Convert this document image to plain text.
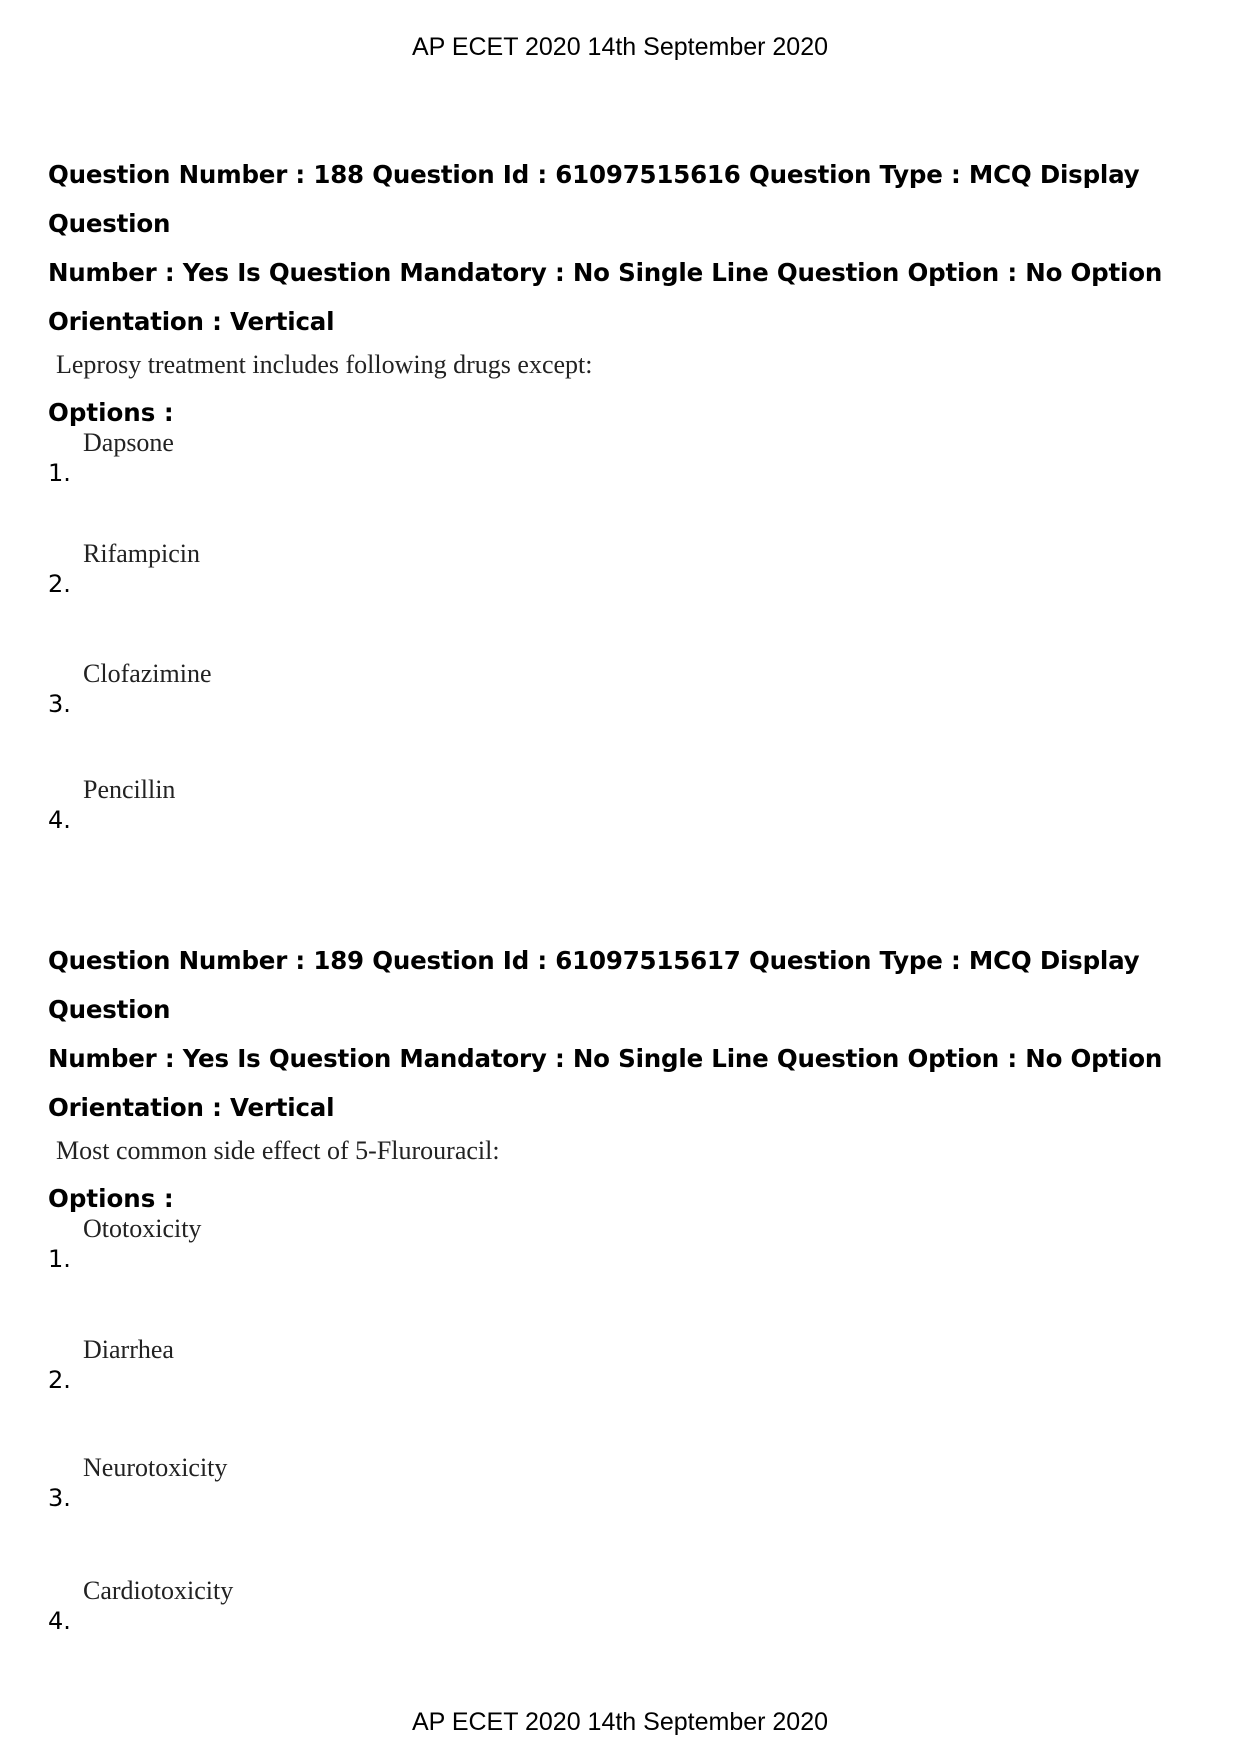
AP ECET 2020 14th September 2020

Question Number : 188 Question Id : 61097515616 Question Type : MCQ Display Question

Number : Yes Is Question Mandatory : No Single Line Question Option : No Option

Orientation : Vertical

Leprosy treatment includes following drugs except:
Options :
1.
Dapsone
2.
Rifampicin
3.
Clofazimine
4.
Pencillin

Question Number : 189 Question Id : 61097515617 Question Type : MCQ Display Question

Number : Yes Is Question Mandatory : No Single Line Question Option : No Option

Orientation : Vertical

Most common side effect of 5-Flurouracil:
Options :
1.
Ototoxicity
2.
Diarrhea
3.
Neurotoxicity
4.
Cardiotoxicity
AP ECET 2020 14th September 2020
